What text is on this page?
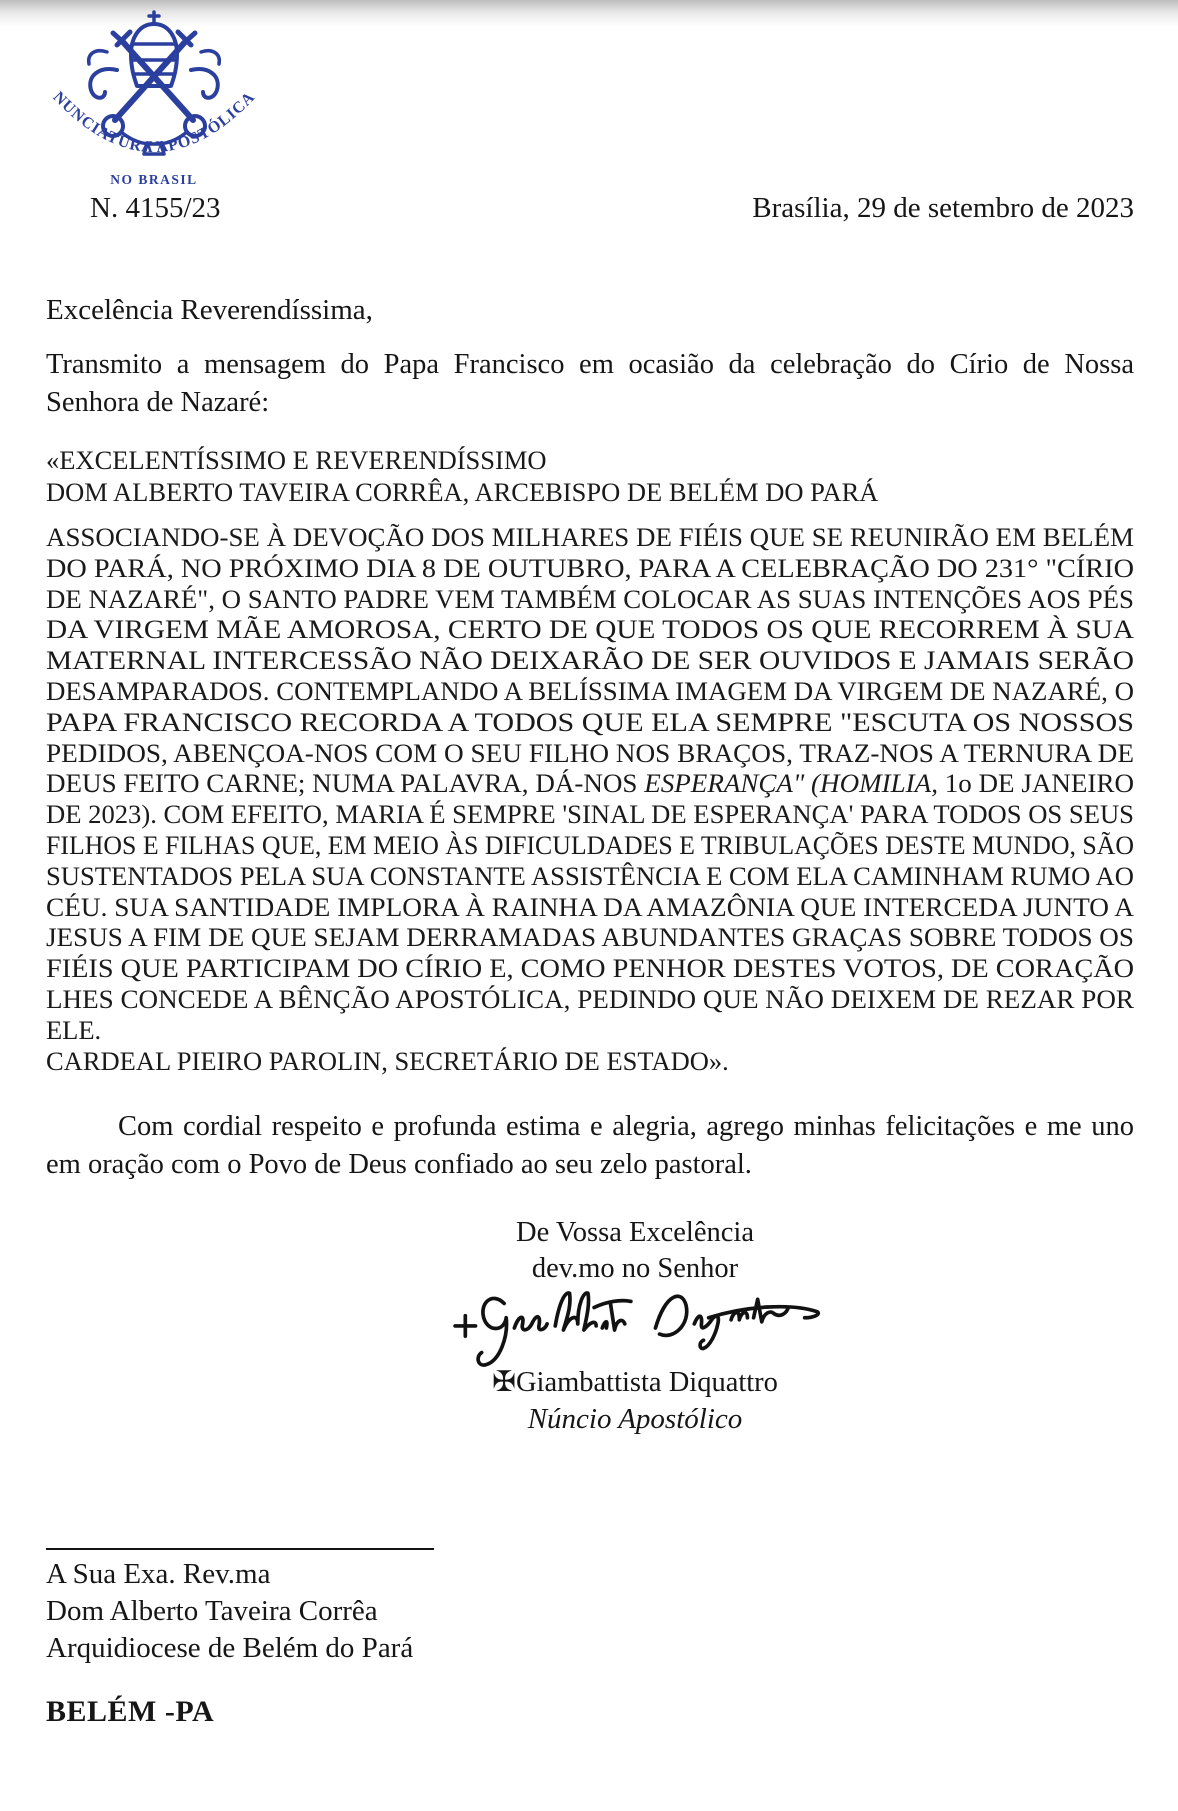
NUNCIATURA APOSTÓLICA
NO BRASIL
N. 4155/23	Brasília, 29 de setembro de 2023
Excelência Reverendíssima,

Transmito a mensagem do Papa Francisco em ocasião da celebração do Círio de Nossa Senhora de Nazaré:

«EXCELENTÍSSIMO E REVERENDÍSSIMO
DOM ALBERTO TAVEIRA CORRÊA, ARCEBISPO DE BELÉM DO PARÁ
ASSOCIANDO-SE À DEVOÇÃO DOS MILHARES DE FIÉIS QUE SE REUNIRÃO EM BELÉM
DO PARÁ, NO PRÓXIMO DIA 8 DE OUTUBRO, PARA A CELEBRAÇÃO DO 231° "CÍRIO
DE NAZARÉ", O SANTO PADRE VEM TAMBÉM COLOCAR AS SUAS INTENÇÕES AOS PÉS
DA VIRGEM MÃE AMOROSA, CERTO DE QUE TODOS OS QUE RECORREM À SUA
MATERNAL INTERCESSÃO NÃO DEIXARÃO DE SER OUVIDOS E JAMAIS SERÃO
DESAMPARADOS. CONTEMPLANDO A BELÍSSIMA IMAGEM DA VIRGEM DE NAZARÉ, O
PAPA FRANCISCO RECORDA A TODOS QUE ELA SEMPRE "ESCUTA OS NOSSOS
PEDIDOS, ABENÇOA-NOS COM O SEU FILHO NOS BRAÇOS, TRAZ-NOS A TERNURA DE
DEUS FEITO CARNE; NUMA PALAVRA, DÁ-NOS ESPERANÇA" (HOMILIA, 1o DE JANEIRO
DE 2023). COM EFEITO, MARIA É SEMPRE 'SINAL DE ESPERANÇA' PARA TODOS OS SEUS
FILHOS E FILHAS QUE, EM MEIO ÀS DIFICULDADES E TRIBULAÇÕES DESTE MUNDO, SÃO
SUSTENTADOS PELA SUA CONSTANTE ASSISTÊNCIA E COM ELA CAMINHAM RUMO AO
CÉU. SUA SANTIDADE IMPLORA À RAINHA DA AMAZÔNIA QUE INTERCEDA JUNTO A
JESUS A FIM DE QUE SEJAM DERRAMADAS ABUNDANTES GRAÇAS SOBRE TODOS OS
FIÉIS QUE PARTICIPAM DO CÍRIO E, COMO PENHOR DESTES VOTOS, DE CORAÇÃO
LHES CONCEDE A BÊNÇÃO APOSTÓLICA, PEDINDO QUE NÃO DEIXEM DE REZAR POR
ELE.
CARDEAL PIEIRO PAROLIN, SECRETÁRIO DE ESTADO».

Com cordial respeito e profunda estima e alegria, agrego minhas felicitações e me uno em oração com o Povo de Deus confiado ao seu zelo pastoral.

De Vossa Excelência
dev.mo no Senhor
✠Giambattista Diquattro
Núncio Apostólico
A Sua Exa. Rev.ma
Dom Alberto Taveira Corrêa
Arquidiocese de Belém do Pará
BELÉM -PA
